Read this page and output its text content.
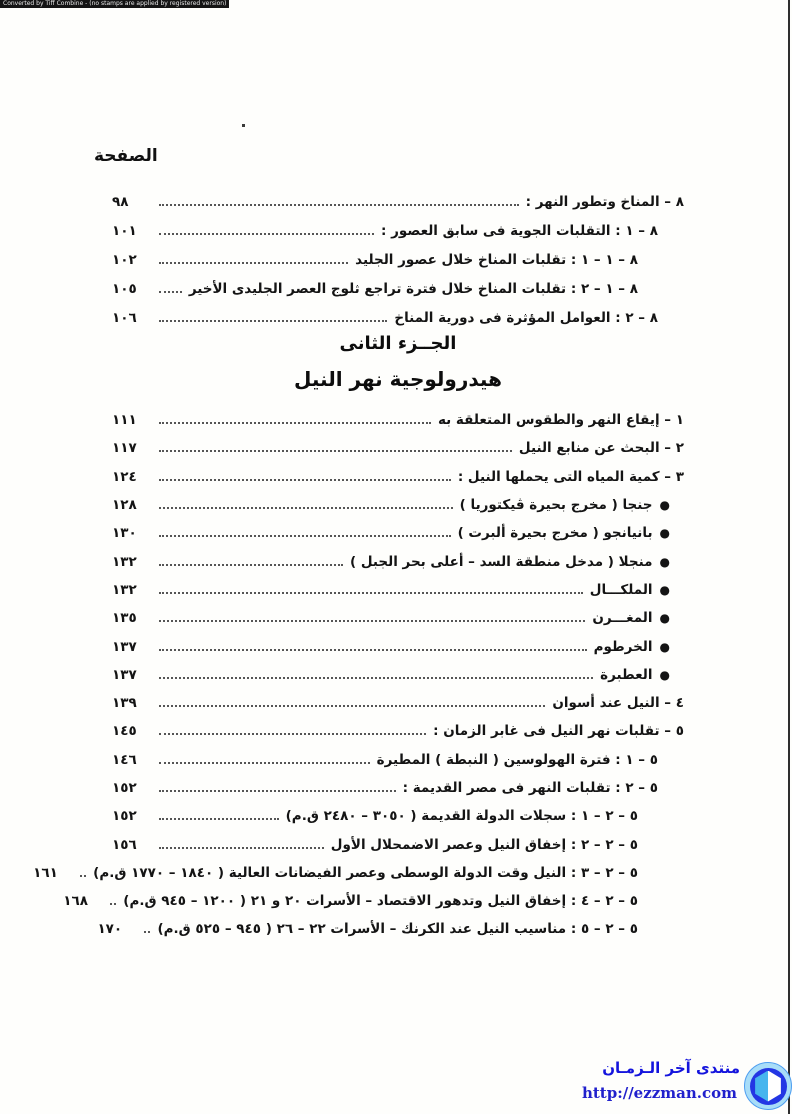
Converted by Tiff Combine - (no stamps are applied by registered version)
الصفحة
٨ – المناخ وتطور النهر :
٩٨
٨ – ١ : التقلبات الجوية فى سابق العصور :
١٠١
٨ – ١ – ١ : تقلبات المناخ خلال عصور الجليد
١٠٢
٨ – ١ – ٢ : تقلبات المناخ خلال فترة تراجع ثلوج العصر الجليدى الأخير
١٠٥
٨ – ٢ : العوامل المؤثرة فى دورية المناخ
١٠٦
الجــزء الثانى
هيدرولوجية نهر النيل
١ – إيقاع النهر والطقوس المتعلقة به
١١١
٢ – البحث عن منابع النيل
١١٧
٣ – كمية المياه التى يحملها النيل :
١٢٤
●
جنجا ( مخرج بحيرة ڤيكتوريا )
١٢٨
●
بانيانجو ( مخرج بحيرة ألبرت )
١٣٠
●
منجلا ( مدخل منطقة السد – أعلى بحر الجبل )
١٣٢
●
الملكـــال
١٣٢
●
المغـــرن
١٣٥
●
الخرطوم
١٣٧
●
العطبرة
١٣٧
٤ – النيل عند أسوان
١٣٩
٥ – تقلبات نهر النيل فى غابر الزمان :
١٤٥
٥ – ١ : فترة الهولوسين ( النبطة ) المطيرة
١٤٦
٥ – ٢ : تقلبات النهر فى مصر القديمة :
١٥٢
٥ – ٢ – ١ : سجلات الدولة القديمة ( ٣٠٥٠ – ٢٤٨٠ ق.م)
١٥٢
٥ – ٢ – ٢ : إخفاق النيل وعصر الاضمحلال الأول
١٥٦
٥ – ٢ – ٣ : النيل وقت الدولة الوسطى وعصر الفيضانات العالية ( ١٨٤٠ – ١٧٧٠ ق.م)
١٦١
٥ – ٢ – ٤ : إخفاق النيل وتدهور الاقتصاد – الأسرات ٢٠ و ٢١ ( ١٢٠٠ – ٩٤٥ ق.م)
١٦٨
٥ – ٢ – ٥ : مناسيب النيل عند الكرنك – الأسرات ٢٢ – ٢٦ ( ٩٤٥ – ٥٢٥ ق.م)
١٧٠
منتدى آخر الـزمـان
http://ezzman.com
